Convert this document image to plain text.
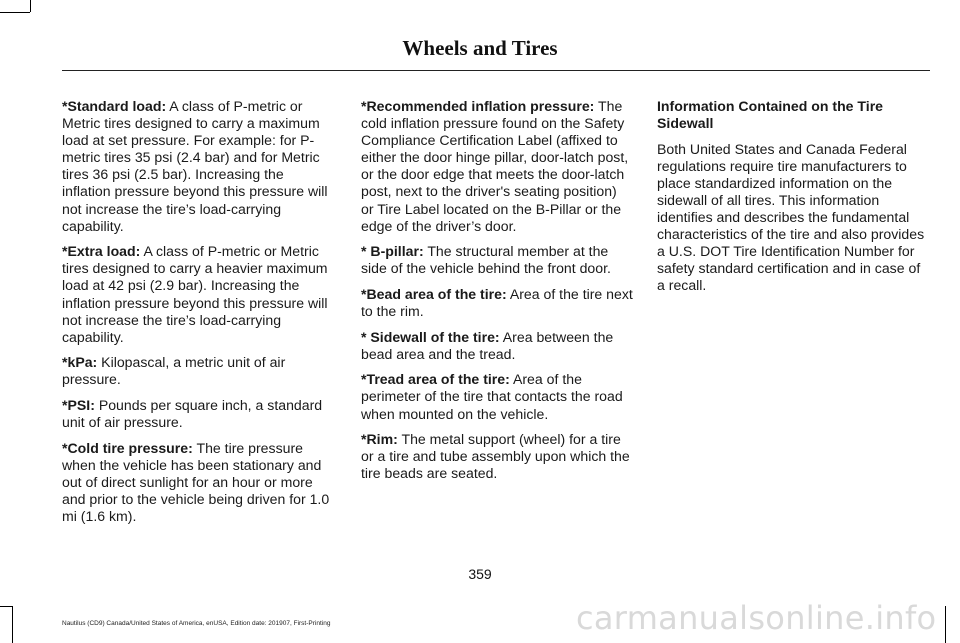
Wheels and Tires

*Standard load: A class of P-metric or Metric tires designed to carry a maximum load at set pressure. For example: for P-metric tires 35 psi (2.4 bar) and for Metric tires 36 psi (2.5 bar). Increasing the inflation pressure beyond this pressure will not increase the tire’s load-carrying capability.

*Extra load: A class of P-metric or Metric tires designed to carry a heavier maximum load at 42 psi (2.9 bar). Increasing the inflation pressure beyond this pressure will not increase the tire’s load-carrying capability.

*kPa: Kilopascal, a metric unit of air pressure.

*PSI: Pounds per square inch, a standard unit of air pressure.

*Cold tire pressure: The tire pressure when the vehicle has been stationary and out of direct sunlight for an hour or more and prior to the vehicle being driven for 1.0 mi (1.6 km).

*Recommended inflation pressure: The cold inflation pressure found on the Safety Compliance Certification Label (affixed to either the door hinge pillar, door-latch post, or the door edge that meets the door-latch post, next to the driver's seating position) or Tire Label located on the B-Pillar or the edge of the driver’s door.

* B-pillar: The structural member at the side of the vehicle behind the front door.

*Bead area of the tire: Area of the tire next to the rim.

* Sidewall of the tire: Area between the bead area and the tread.

*Tread area of the tire: Area of the perimeter of the tire that contacts the road when mounted on the vehicle.

*Rim: The metal support (wheel) for a tire or a tire and tube assembly upon which the tire beads are seated.

Information Contained on the Tire Sidewall

Both United States and Canada Federal regulations require tire manufacturers to place standardized information on the sidewall of all tires. This information identifies and describes the fundamental characteristics of the tire and also provides a U.S. DOT Tire Identification Number for safety standard certification and in case of a recall.

359
Nautilus (CD9) Canada/United States of America, enUSA, Edition date: 201907, First-Printing	carmanualsonline.info
